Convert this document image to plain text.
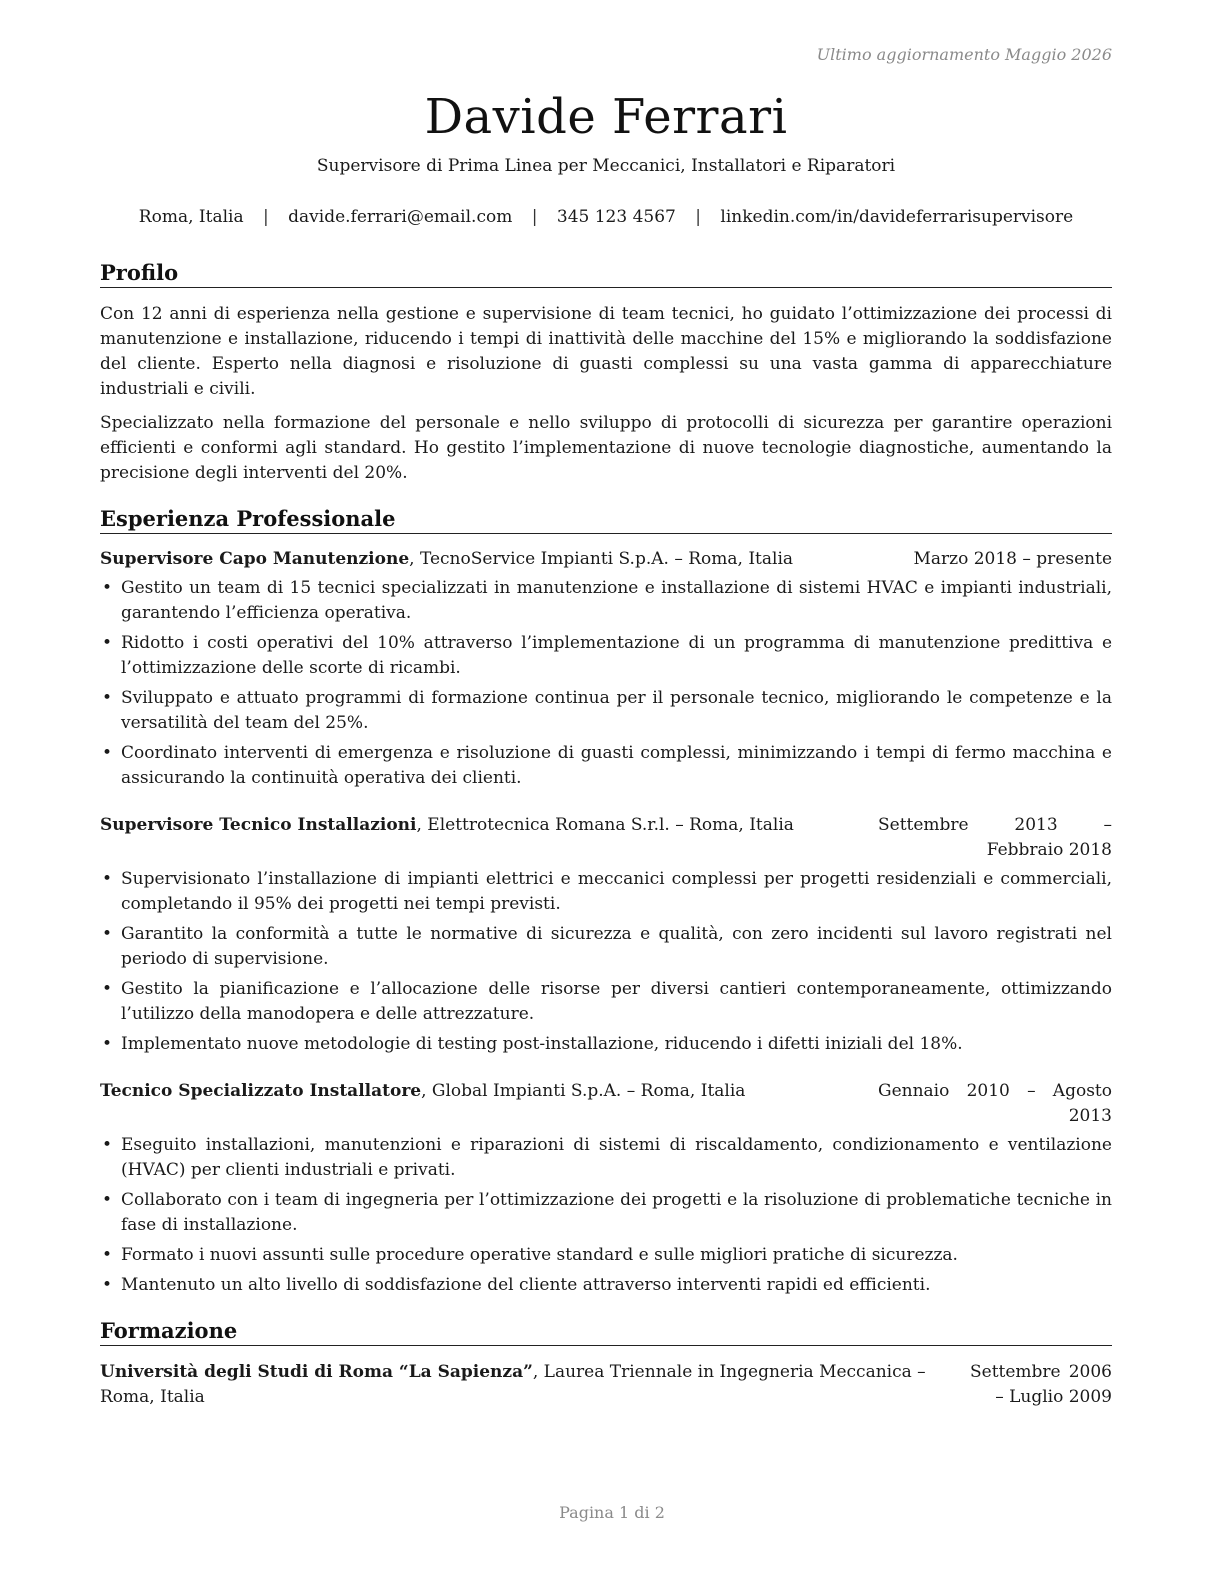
Ultimo aggiornamento Maggio 2026
Davide Ferrari
Supervisore di Prima Linea per Meccanici, Installatori e Riparatori
Roma, Italia | davide.ferrari@email.com | 345 123 4567 | linkedin.com/in/davideferrarisupervisore
Profilo

Con 12 anni di esperienza nella gestione e supervisione di team tecnici, ho guidato l’ottimizzazione dei processi di manutenzione e installazione, riducendo i tempi di inattività delle macchine del 15% e migliorando la soddisfazione del cliente. Esperto nella diagnosi e risoluzione di guasti complessi su una vasta gamma di apparecchiature industriali e civili.

Specializzato nella formazione del personale e nello sviluppo di protocolli di sicurezza per garantire operazioni efficienti e conformi agli standard. Ho gestito l’implementazione di nuove tecnologie diagnostiche, aumentando la precisione degli interventi del 20%.

Esperienza Professionale
Supervisore Capo Manutenzione, TecnoService Impianti S.p.A. – Roma, Italia	Marzo 2018 – presente
• Gestito un team di 15 tecnici specializzati in manutenzione e installazione di sistemi HVAC e impianti industriali, garantendo l’efficienza operativa.
• Ridotto i costi operativi del 10% attraverso l’implementazione di un programma di manutenzione predittiva e l’ottimizzazione delle scorte di ricambi.
• Sviluppato e attuato programmi di formazione continua per il personale tecnico, migliorando le competenze e la versatilità del team del 25%.
• Coordinato interventi di emergenza e risoluzione di guasti complessi, minimizzando i tempi di fermo macchina e assicurando la continuità operativa dei clienti.
Supervisore Tecnico Installazioni, Elettrotecnica Romana S.r.l. – Roma, Italia	Settembre 2013 – Febbraio 2018
• Supervisionato l’installazione di impianti elettrici e meccanici complessi per progetti residenziali e commerciali, completando il 95% dei progetti nei tempi previsti.
• Garantito la conformità a tutte le normative di sicurezza e qualità, con zero incidenti sul lavoro registrati nel periodo di supervisione.
• Gestito la pianificazione e l’allocazione delle risorse per diversi cantieri contemporaneamente, ottimizzando l’utilizzo della manodopera e delle attrezzature.
• Implementato nuove metodologie di testing post-installazione, riducendo i difetti iniziali del 18%.
Tecnico Specializzato Installatore, Global Impianti S.p.A. – Roma, Italia	Gennaio 2010 – Agosto 2013
• Eseguito installazioni, manutenzioni e riparazioni di sistemi di riscaldamento, condizionamento e ventilazione (HVAC) per clienti industriali e privati.
• Collaborato con i team di ingegneria per l’ottimizzazione dei progetti e la risoluzione di problematiche tecniche in fase di installazione.
• Formato i nuovi assunti sulle procedure operative standard e sulle migliori pratiche di sicurezza.
• Mantenuto un alto livello di soddisfazione del cliente attraverso interventi rapidi ed efficienti.
Formazione
Università degli Studi di Roma “La Sapienza”, Laurea Triennale in Ingegneria Meccanica – Roma, Italia
Settembre 2006 – Luglio 2009
Pagina 1 di 2
